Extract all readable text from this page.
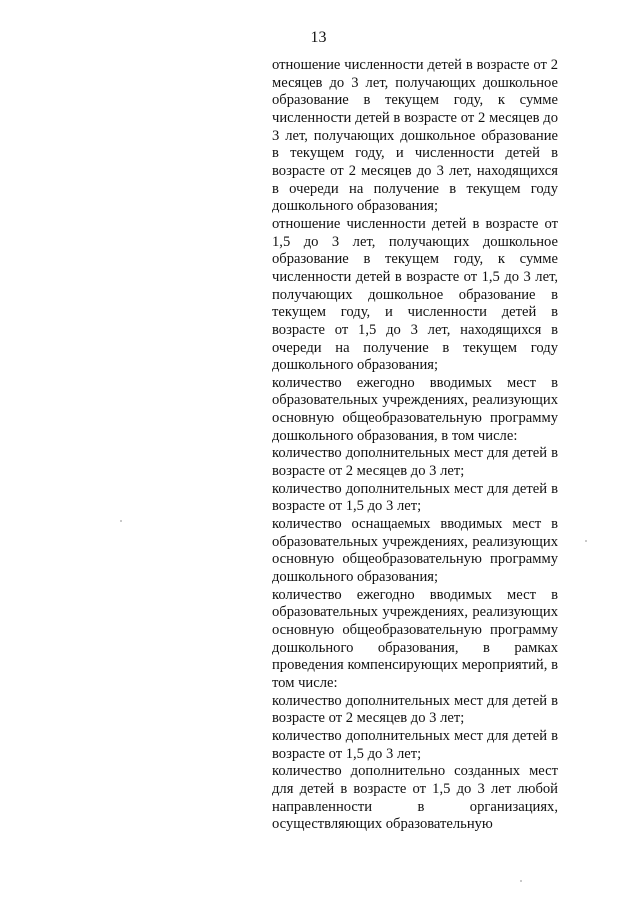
13

отношение численности детей в возрасте от 2 месяцев до 3 лет, получающих дошкольное образование в текущем году, к сумме численности детей в возрасте от 2 месяцев до 3 лет, получающих дошкольное образование в текущем году, и численности детей в возрасте от 2 месяцев до 3 лет, находящихся в очереди на получение в текущем году дошкольного образования;

отношение численности детей в возрасте от 1,5 до 3 лет, получающих дошкольное образование в текущем году, к сумме численности детей в возрасте от 1,5 до 3 лет, получающих дошкольное образование в текущем году, и численности детей в возрасте от 1,5 до 3 лет, находящихся в очереди на получение в текущем году дошкольного образования;

количество ежегодно вводимых мест в образовательных учреждениях, реализующих основную общеобразовательную программу дошкольного образования, в том числе:

количество дополнительных мест для детей в возрасте от 2 месяцев до 3 лет;

количество дополнительных мест для детей в возрасте от 1,5 до 3 лет;

количество оснащаемых вводимых мест в образовательных учреждениях, реализующих основную общеобразовательную программу дошкольного образования;

количество ежегодно вводимых мест в образовательных учреждениях, реализующих основную общеобразовательную программу дошкольного образования, в рамках проведения компенсирующих мероприятий, в том числе:

количество дополнительных мест для детей в возрасте от 2 месяцев до 3 лет;

количество дополнительных мест для детей в возрасте от 1,5 до 3 лет;

количество дополнительно созданных мест для детей в возрасте от 1,5 до 3 лет любой направленности в организациях, осуществляющих образовательную
